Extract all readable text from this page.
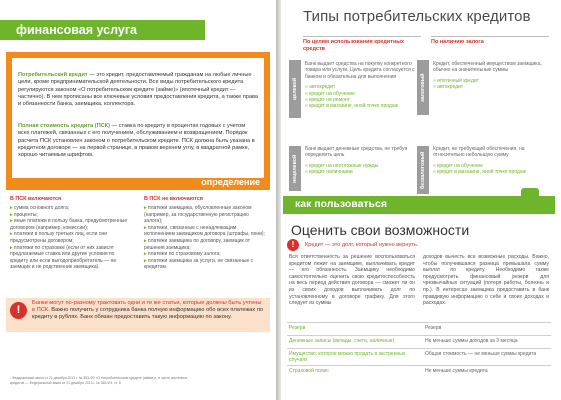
финансовая услуга

Потребительский кредит — это кредит, предоставляемый гражданам на любые личные цели, кроме предпринимательской деятельности. Все виды потребительского кредита регулируются законом «О потребительском кредите (займе)» (ипотечный кредит — частично). В нем прописаны все ключевые условия предоставления кредита, а также права и обязанности банка, заемщика, коллектора.

Полная стоимость кредита (ПСК) — ставка по кредиту в процентах годовых с учетом всех платежей, связанных с его получением, обслуживанием и возвращением. Порядок расчета ПСК установлен законом о потребительском кредите. ПСК должна быть указана в кредитном договоре — на первой странице, в правом верхнем углу, в квадратной рамке, хорошо читаемым шрифтом.

определение
В ПСК включаются
▸ сумма основного долга;
▸ проценты;
▸ иные платежи в пользу банка, предусмотренные договором (например, комиссии);
▸ платежи в пользу третьих лиц, если они предусмотрены договором;
▸ платежи по страховке (если от них зависят предлагаемые ставка или другие условия по кредиту или если выгодоприобретатель — не заемщик и не родственник заемщика).
В ПСК не включаются
▸ платежи заемщика, обусловленные законом (например, за государственную регистрацию залога);
▸ платежи, связанные с ненадлежащим исполнением заемщиком договора (штрафы, пени);
▸ платежи заемщика по договору, заемщик от решения заемщика;
▸ платежи по страховому залога;
▸ платежи заемщика за услуги, не связанные с кредитом.
!

Банки могут по-разному трактовать одни и те же статьи, которые должны быть учтены в ПСК. Важно получить у сотрудника банка полную информацию обо всех платежах по кредиту в рублях. Банк обязан предоставить такую информацию по закону.

¹ Федеральный закон от 21 декабря 2013 г. № 353-ФЗ «О потребительском кредите (займе)», в части ипотечных
кредитов — Федеральный закон от 21 декабря 2013 г. № 363-ФЗ, ст. 6.
Типы потребительских кредитов
По целям использования кредитных средств
По наличию залога
целевой
Банк выдает средства на покупку конкретного товара или услуги. Цель кредита согласуется с банком и обязательна для выполнения
» автокредит
» кредит на обучение
» кредит на ремонт
» кредит в магазине, иной точке продаж
нецелевой
Банк выдает денежные средства, не требуя определить цель
» кредит на неотложные нужды
» кредит наличными
залоговый
Кредит, обеспеченный имуществом заемщика, обычно на значительные суммы
» ипотечный кредит
» автокредит
беззалоговый
Кредит, не требующий обеспечения, на относительно небольшую сумму
» кредит на обучение
» кредит в магазине, иной точке продаж
как пользоваться
Оценить свои возможности
!	Кредит — это долг, который нужно вернуть.

Вся ответственность за решение воспользоваться кредитом лежит на заемщике, выплачивать кредит — его обязанность. Заемщику необходимо самостоятельно оценить свою кредитоспособность на весь период действия договора — сможет ли он из своих доходов выплачивать долг по установленному в договоре графику. Для этого следует из суммы

доходов вычесть все возможные расходы. Важно, чтобы получившаяся разница превышала сумму выплат по кредиту. Необходимо также предусмотреть финансовый резерв для чрезвычайных ситуаций (потеря работы, болезнь и пр.). В интересах заемщика предоставить в банк правдивую информацию о себе и своих доходах и расходах.

Резерв	Резерв
Денежные запасы (вклады, счета, наличные)	Не меньше суммы доходов за 3 месяца
Имущество, которое можно продать в экстренных случаях	Общая стоимость — не меньше суммы кредита
Страховой полис	Не меньше суммы кредита
